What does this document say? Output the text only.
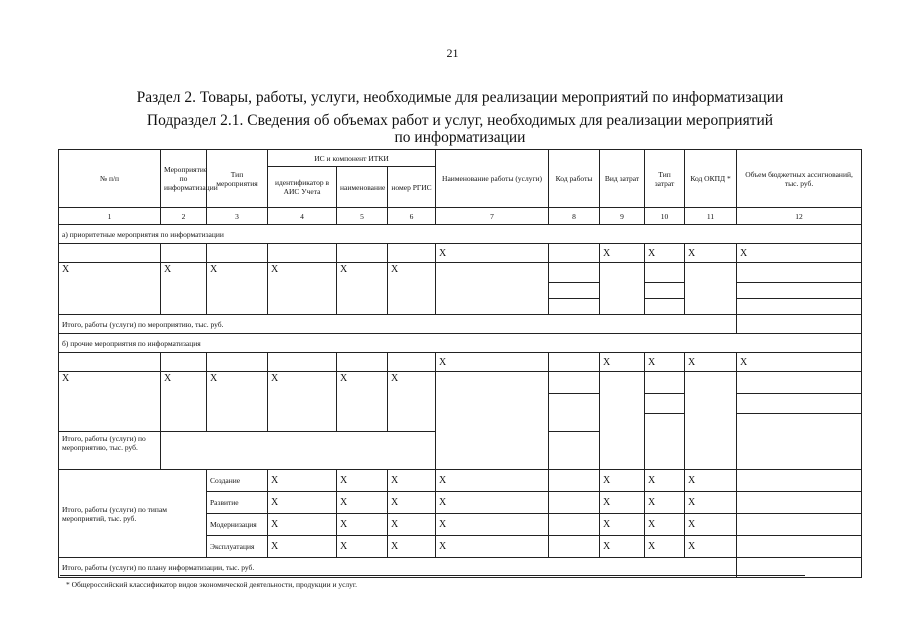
21
Раздел 2. Товары, работы, услуги, необходимые для реализации мероприятий по информатизации
Подраздел 2.1. Сведения об объемах работ и услуг, необходимых для реализации мероприятий
по информатизации
№ п/п	Мероприятие по информатизации	Тип мероприятия	ИС и компонент ИТКИ			Наименование работы (услуги)	Код работы	Вид затрат	Тип затрат	Код ОКПД *	Объем бюджетных ассигнований, тыс. руб.
			идентификатор в АИС Учета	наименование	номер РГИС						
1	2	3	4	5	6	7	8	9	10	11	12
а) приоритетные мероприятия по информатизации											
						X		X	X	X	X
X	X	X	X	X	X						

Итого, работы (услуги) по мероприятию, тыс. руб.											
б) прочие мероприятия по информатизация											
						X		X	X	X	X
X	X	X	X	X	X						

Итого, работы (услуги) по мероприятию, тыс. руб.											
Итого, работы (услуги) по типам мероприятий, тыс. руб.		Создание	X	X	X	X		X	X	X	
		Развитие	X	X	X	X		X	X	X	
		Модернизация	X	X	X	X		X	X	X	
		Эксплуатация	X	X	X	X		X	X	X	
Итого, работы (услуги) по плану информатизации, тыс. руб.											
* Общероссийский классификатор видов экономической деятельности, продукции и услуг.
